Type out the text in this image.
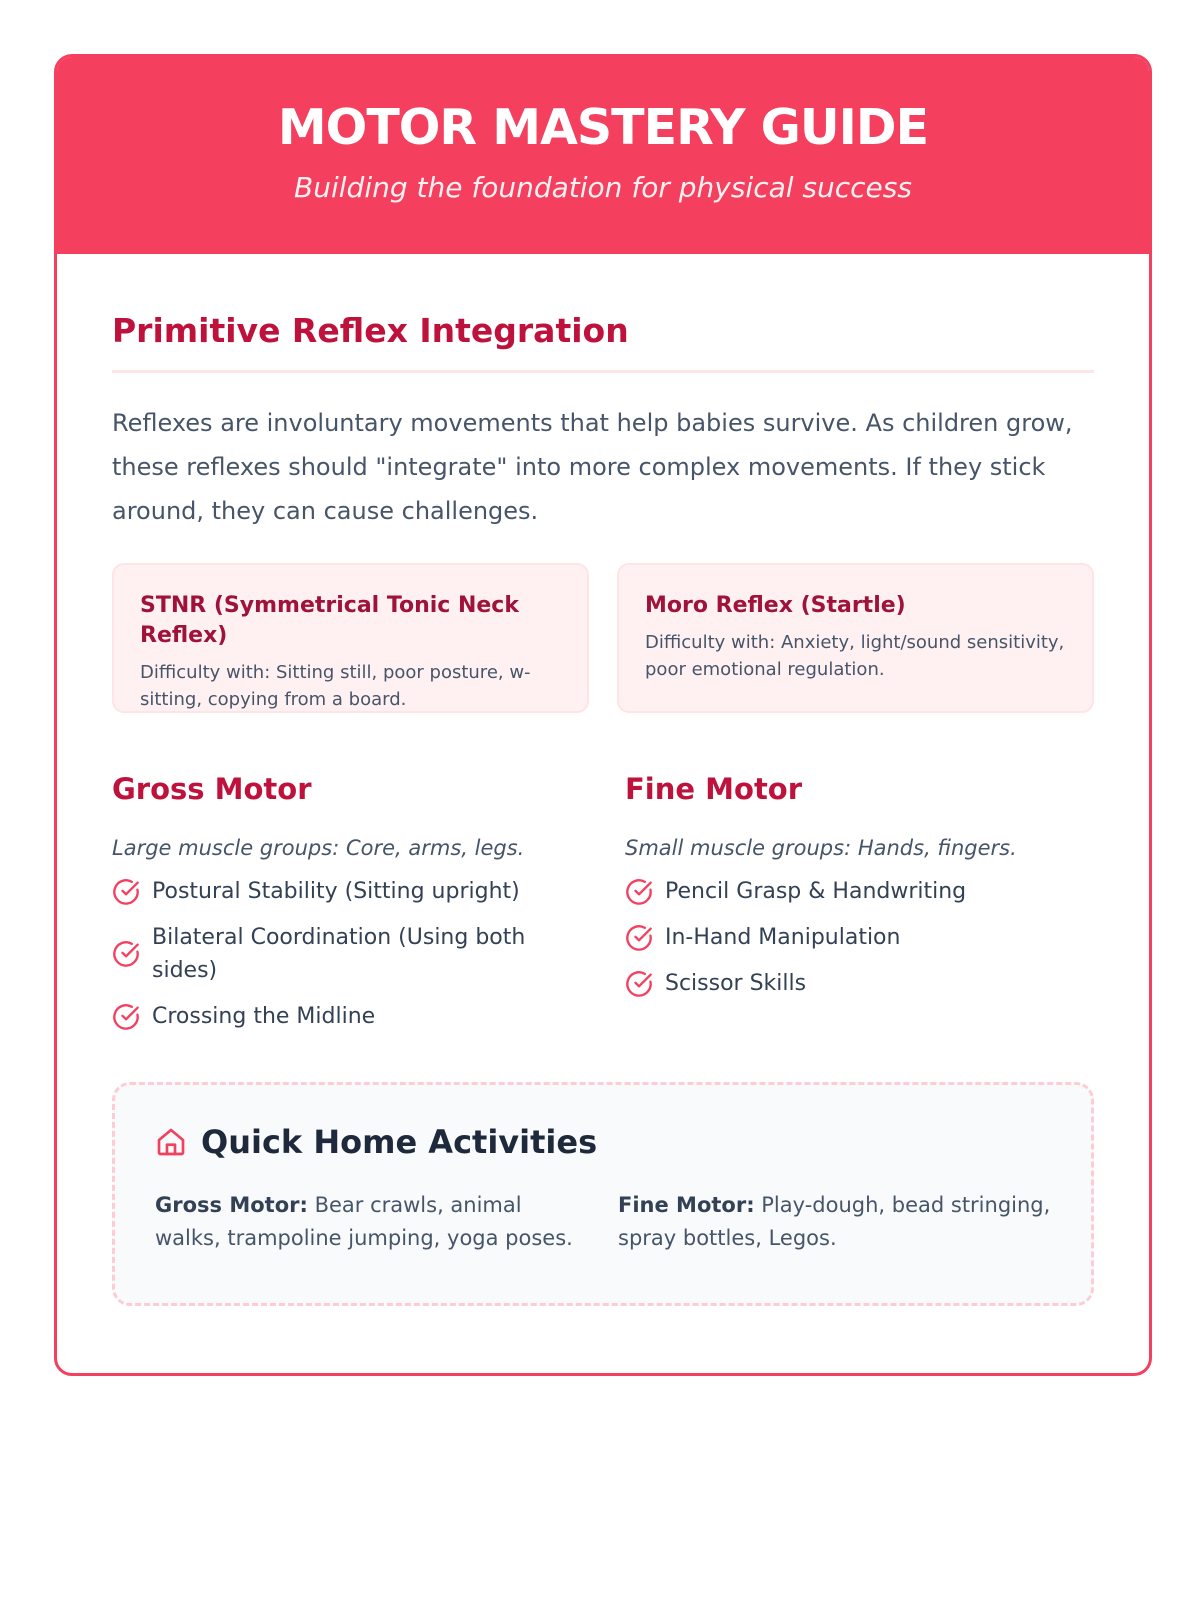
MOTOR MASTERY GUIDE
Building the foundation for physical success
Primitive Reflex Integration

Reflexes are involuntary movements that help babies survive. As children grow, these reflexes should "integrate" into more complex movements. If they stick around, they can cause challenges.

STNR (Symmetrical Tonic Neck Reflex)
Difficulty with: Sitting still, poor posture, w-sitting, copying from a board.
Moro Reflex (Startle)
Difficulty with: Anxiety, light/sound sensitivity, poor emotional regulation.
Gross Motor
Large muscle groups: Core, arms, legs.
Postural Stability (Sitting upright)
Bilateral Coordination (Using both sides)
Crossing the Midline
Fine Motor
Small muscle groups: Hands, fingers.
Pencil Grasp & Handwriting
In-Hand Manipulation
Scissor Skills
Quick Home Activities
Gross Motor: Bear crawls, animal walks, trampoline jumping, yoga poses.
Fine Motor: Play-dough, bead stringing, spray bottles, Legos.
